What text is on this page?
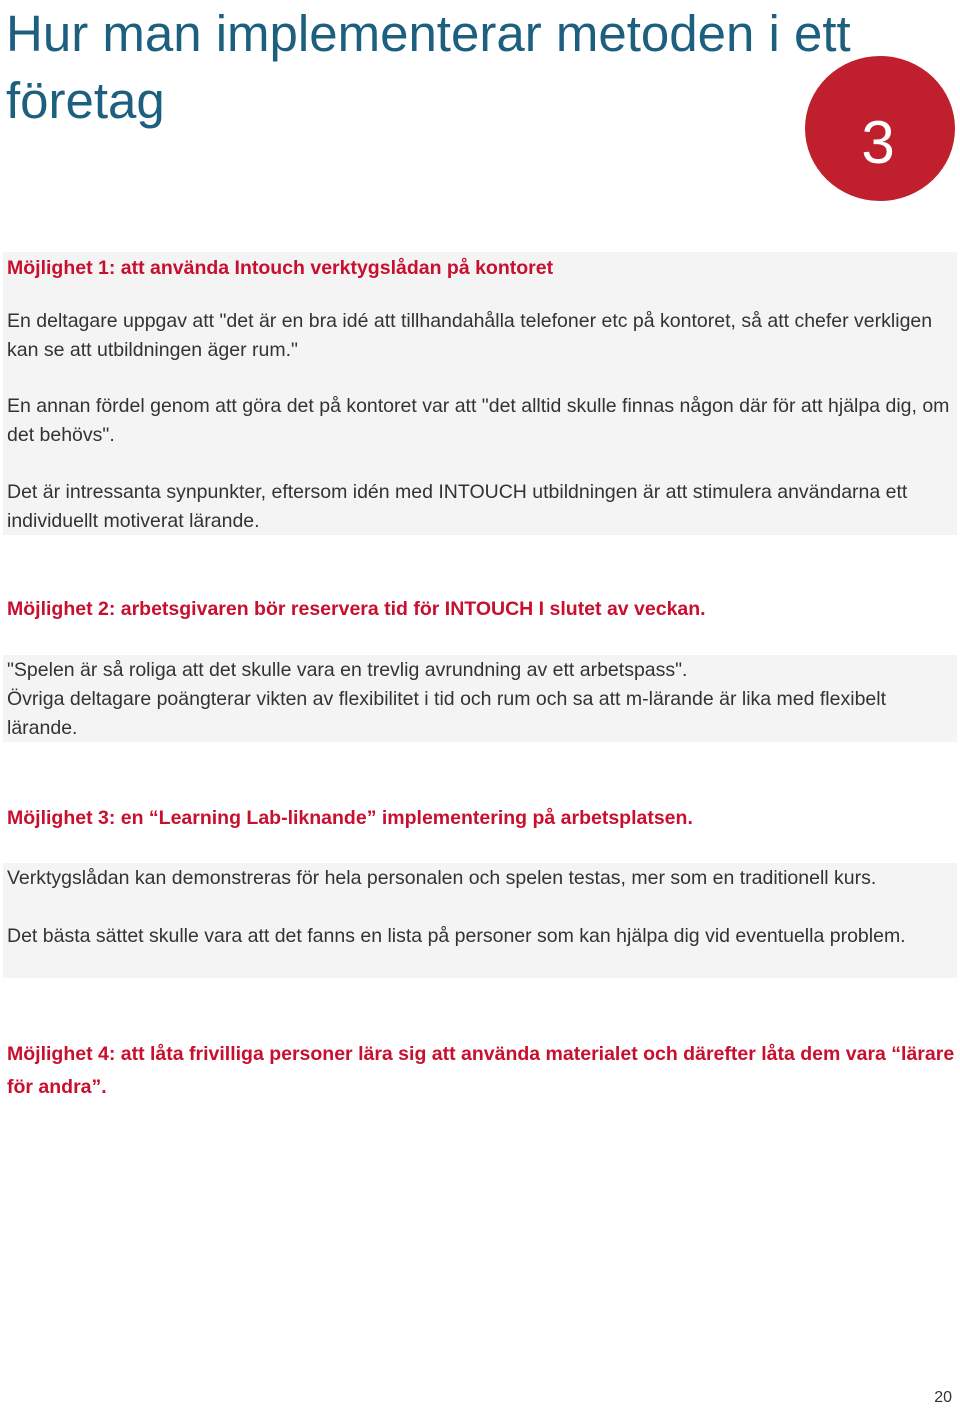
Hur man implementerar metoden i ett företag
3
Möjlighet 1: att använda Intouch verktygslådan på kontoret

En deltagare uppgav att "det är en bra idé att tillhandahålla telefoner etc på kontoret, så att chefer verkligen kan se att utbildningen äger rum."

En annan fördel genom att göra det på kontoret var att "det alltid skulle finnas någon där för att hjälpa dig, om det behövs".

Det är intressanta synpunkter, eftersom idén med INTOUCH utbildningen är att stimulera användarna ett individuellt motiverat lärande.

Möjlighet 2: arbetsgivaren bör reservera tid för INTOUCH I slutet av veckan.

"Spelen är så roliga att det skulle vara en trevlig avrundning av ett arbetspass".

Övriga deltagare poängterar vikten av flexibilitet i tid och rum och sa att m-lärande är lika med flexibelt lärande.

Möjlighet 3: en “Learning Lab-liknande” implementering på arbetsplatsen.

Verktygslådan kan demonstreras för hela personalen och spelen testas, mer som en traditionell kurs.

Det bästa sättet skulle vara att det fanns en lista på personer som kan hjälpa dig vid eventuella problem.

Möjlighet 4: att låta frivilliga personer lära sig att använda materialet och därefter låta dem vara “lärare för andra”.
20
